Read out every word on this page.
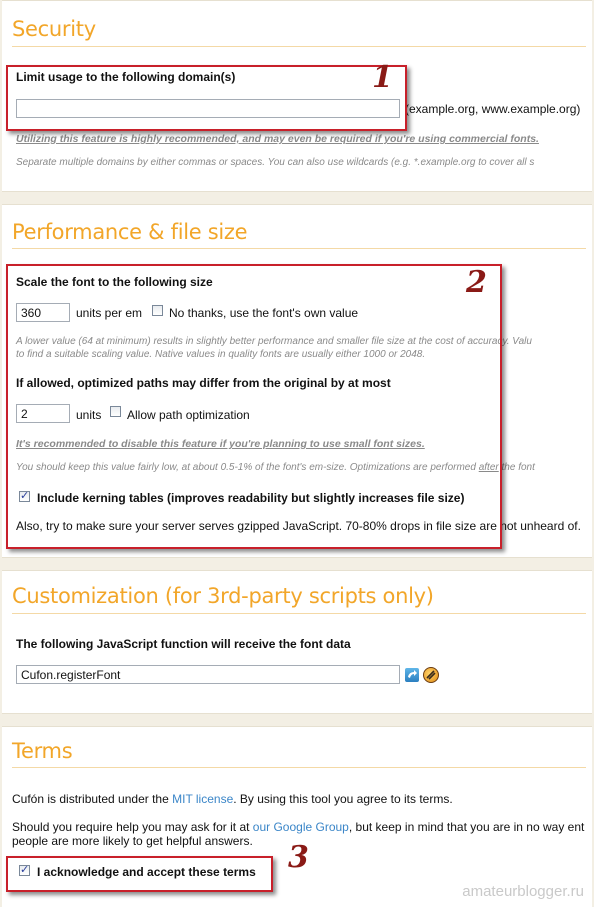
Security
Limit usage to the following domain(s)
(example.org, www.example.org)
Utilizing this feature is highly recommended, and may even be required if you're using commercial fonts.
Separate multiple domains by either commas or spaces. You can also use wildcards (e.g. *.example.org to cover all s
Performance & file size
Scale the font to the following size
360
units per em No thanks, use the font's own value
A lower value (64 at minimum) results in slightly better performance and smaller file size at the cost of accuracy. Valu
to find a suitable scaling value. Native values in quality fonts are usually either 1000 or 2048.
If allowed, optimized paths may differ from the original by at most
2
units Allow path optimization
It's recommended to disable this feature if you're planning to use small font sizes.
You should keep this value fairly low, at about 0.5-1% of the font's em-size. Optimizations are performed after the font
✓
Include kerning tables (improves readability but slightly increases file size)
Also, try to make sure your server serves gzipped JavaScript. 70-80% drops in file size are not unheard of.
Customization (for 3rd-party scripts only)
The following JavaScript function will receive the font data
Cufon.registerFont
Terms
Cufón is distributed under the MIT license. By using this tool you agree to its terms.
Should you require help you may ask for it at our Google Group, but keep in mind that you are in no way ent
people are more likely to get helpful answers.
✓
I acknowledge and accept these terms
1
2
3
amateurblogger.ru
